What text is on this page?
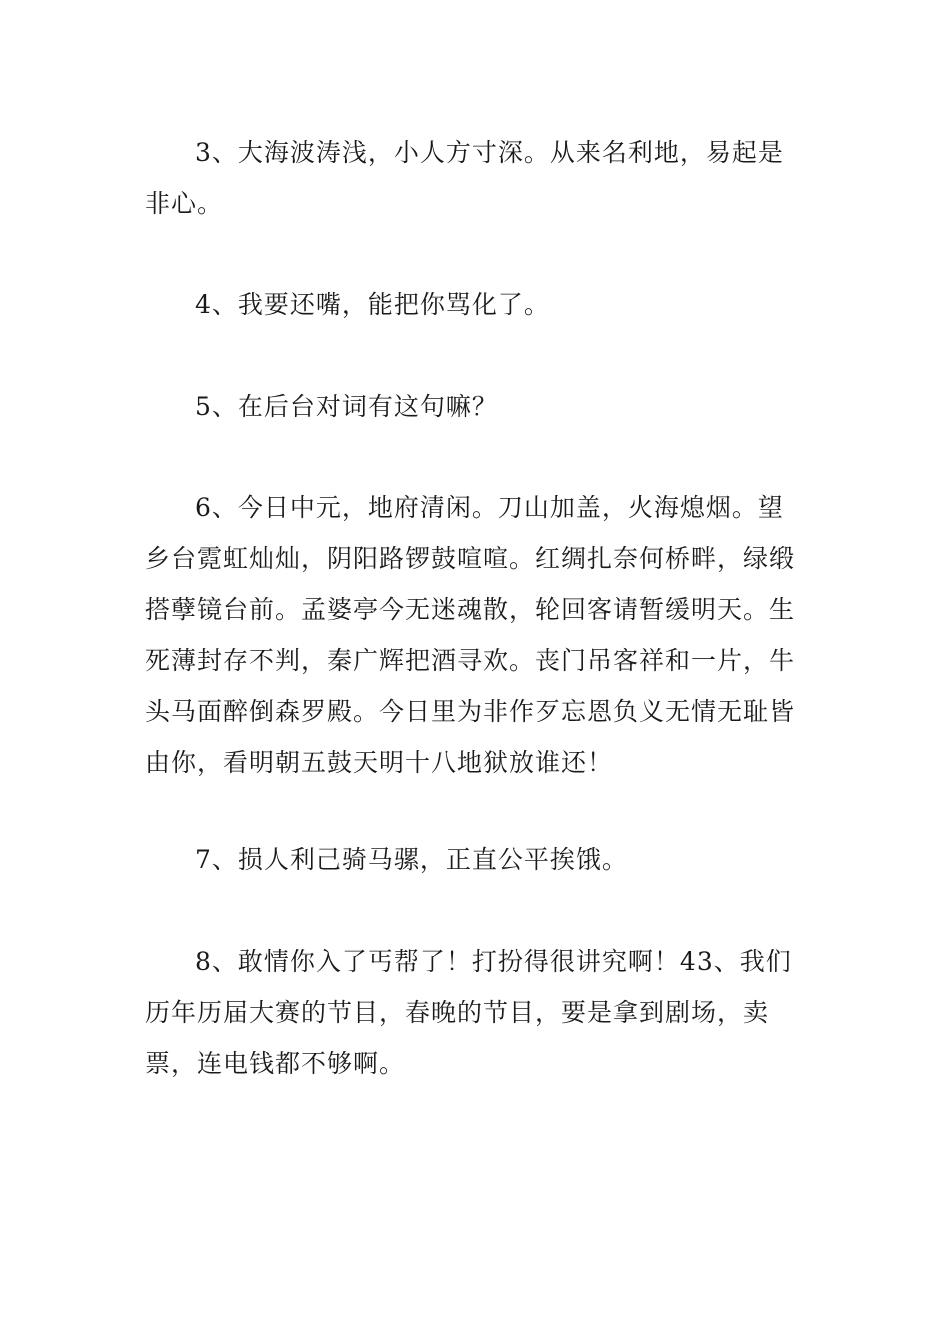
3、大海波涛浅，小人方寸深。从来名利地，易起是非心。

4、我要还嘴，能把你骂化了。

5、在后台对词有这句嘛？

6、今日中元，地府清闲。刀山加盖，火海熄烟。望乡台霓虹灿灿，阴阳路锣鼓喧喧。红绸扎奈何桥畔，绿缎搭孽镜台前。孟婆亭今无迷魂散，轮回客请暂缓明天。生死薄封存不判，秦广辉把酒寻欢。丧门吊客祥和一片，牛头马面醉倒森罗殿。今日里为非作歹忘恩负义无情无耻皆由你，看明朝五鼓天明十八地狱放谁还！

7、损人利己骑马骡，正直公平挨饿。

8、敢情你入了丐帮了！打扮得很讲究啊！43、我们历年历届大赛的节目，春晚的节目，要是拿到剧场，卖票，连电钱都不够啊。
